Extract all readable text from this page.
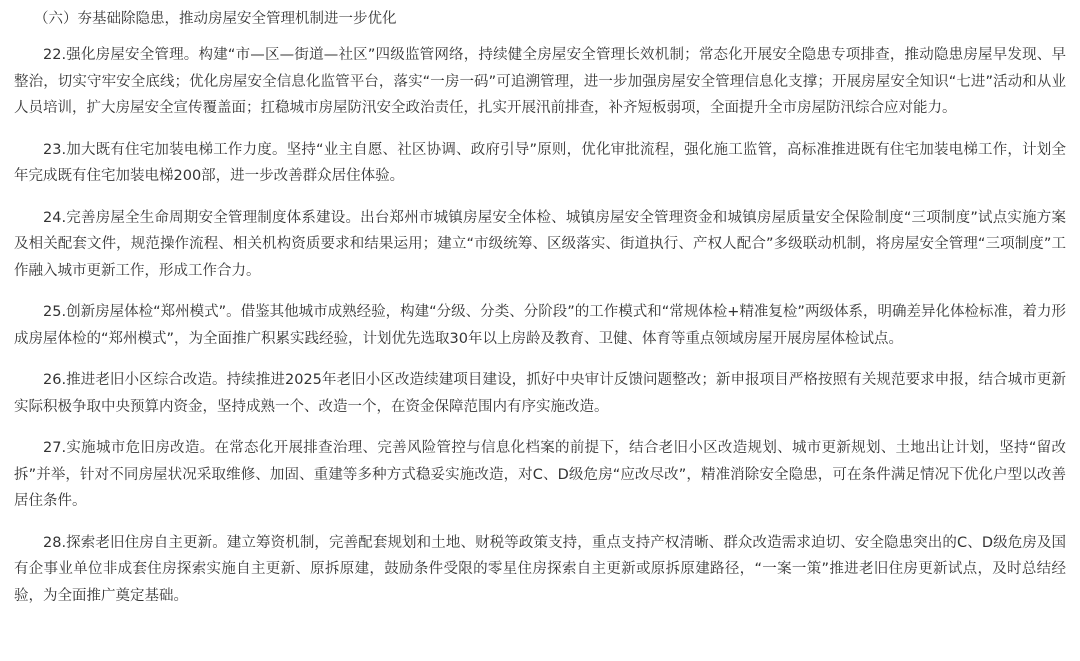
（六）夯基础除隐患，推动房屋安全管理机制进一步优化

22.强化房屋安全管理。构建“市—区—街道—社区”四级监管网络，持续健全房屋安全管理长效机制；常态化开展安全隐患专项排查，推动隐患房屋早发现、早整治，切实守牢安全底线；优化房屋安全信息化监管平台，落实“一房一码”可追溯管理，进一步加强房屋安全管理信息化支撑；开展房屋安全知识“七进”活动和从业人员培训，扩大房屋安全宣传覆盖面；扛稳城市房屋防汛安全政治责任，扎实开展汛前排查，补齐短板弱项，全面提升全市房屋防汛综合应对能力。

23.加大既有住宅加装电梯工作力度。坚持“业主自愿、社区协调、政府引导”原则，优化审批流程，强化施工监管，高标准推进既有住宅加装电梯工作，计划全年完成既有住宅加装电梯200部，进一步改善群众居住体验。

24.完善房屋全生命周期安全管理制度体系建设。出台郑州市城镇房屋安全体检、城镇房屋安全管理资金和城镇房屋质量安全保险制度“三项制度”试点实施方案及相关配套文件，规范操作流程、相关机构资质要求和结果运用；建立“市级统筹、区级落实、街道执行、产权人配合”多级联动机制，将房屋安全管理“三项制度”工作融入城市更新工作，形成工作合力。

25.创新房屋体检“郑州模式”。借鉴其他城市成熟经验，构建“分级、分类、分阶段”的工作模式和“常规体检+精准复检”两级体系，明确差异化体检标准，着力形成房屋体检的“郑州模式”，为全面推广积累实践经验，计划优先选取30年以上房龄及教育、卫健、体育等重点领域房屋开展房屋体检试点。

26.推进老旧小区综合改造。持续推进2025年老旧小区改造续建项目建设，抓好中央审计反馈问题整改；新申报项目严格按照有关规范要求申报，结合城市更新实际积极争取中央预算内资金，坚持成熟一个、改造一个，在资金保障范围内有序实施改造。

27.实施城市危旧房改造。在常态化开展排查治理、完善风险管控与信息化档案的前提下，结合老旧小区改造规划、城市更新规划、土地出让计划，坚持“留改拆”并举，针对不同房屋状况采取维修、加固、重建等多种方式稳妥实施改造，对C、D级危房“应改尽改”，精准消除安全隐患，可在条件满足情况下优化户型以改善居住条件。

28.探索老旧住房自主更新。建立筹资机制，完善配套规划和土地、财税等政策支持，重点支持产权清晰、群众改造需求迫切、安全隐患突出的C、D级危房及国有企事业单位非成套住房探索实施自主更新、原拆原建，鼓励条件受限的零星住房探索自主更新或原拆原建路径，“一案一策”推进老旧住房更新试点，及时总结经验，为全面推广奠定基础。
